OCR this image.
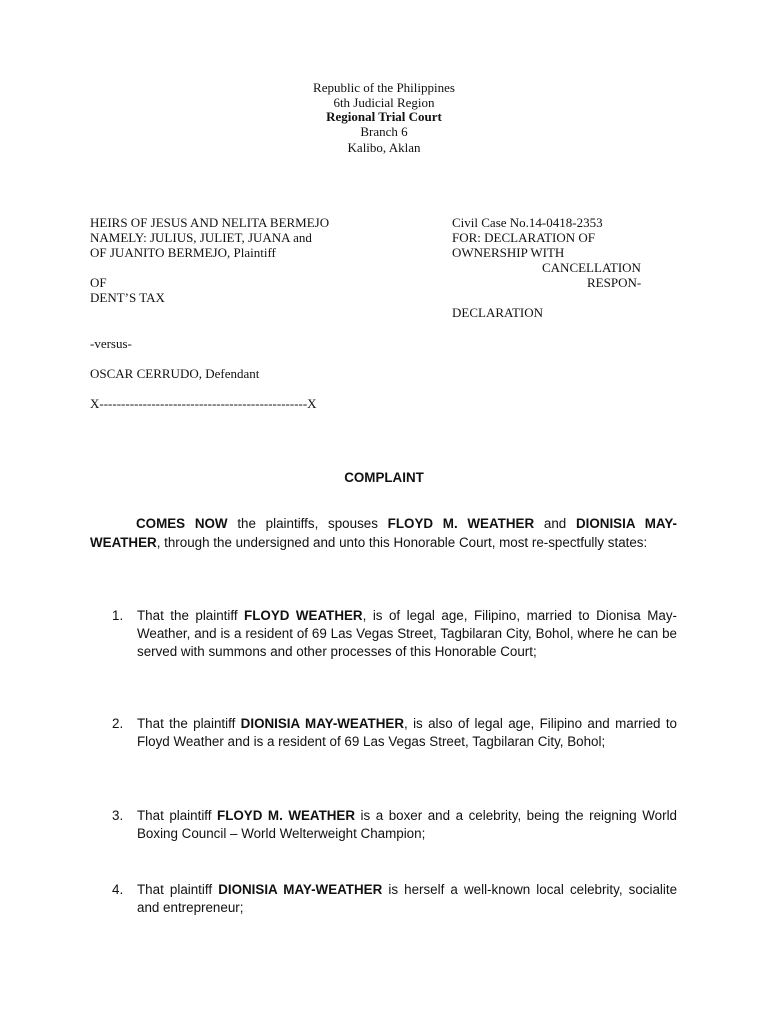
Republic of the Philippines
6th Judicial Region
Regional Trial Court
Branch 6
Kalibo, Aklan
HEIRS OF JESUS AND NELITA BERMEJO
NAMELY: JULIUS, JULIET, JUANA and
OF JUANITO BERMEJO, Plaintiff
OF
DENT’S TAX
Civil Case No.14-0418-2353
FOR: DECLARATION OF
OWNERSHIP WITH
CANCELLATION
RESPON-
DECLARATION
-versus-
OSCAR CERRUDO, Defendant
X------------------------------------------------X
COMPLAINT
COMES NOW the plaintiffs, spouses FLOYD M. WEATHER and DIONISIA MAY-WEATHER, through the undersigned and unto this Honorable Court, most re-spectfully states:
1. That the plaintiff FLOYD WEATHER, is of legal age, Filipino, married to Dionisa May-Weather, and is a resident of 69 Las Vegas Street, Tagbilaran City, Bohol, where he can be served with summons and other processes of this Honorable Court;
2. That the plaintiff DIONISIA MAY-WEATHER, is also of legal age, Filipino and married to Floyd Weather and is a resident of 69 Las Vegas Street, Tagbilaran City, Bohol;
3. That plaintiff FLOYD M. WEATHER is a boxer and a celebrity, being the reigning World Boxing Council – World Welterweight Champion;
4. That plaintiff DIONISIA MAY-WEATHER is herself a well-known local celebrity, socialite and entrepreneur;
